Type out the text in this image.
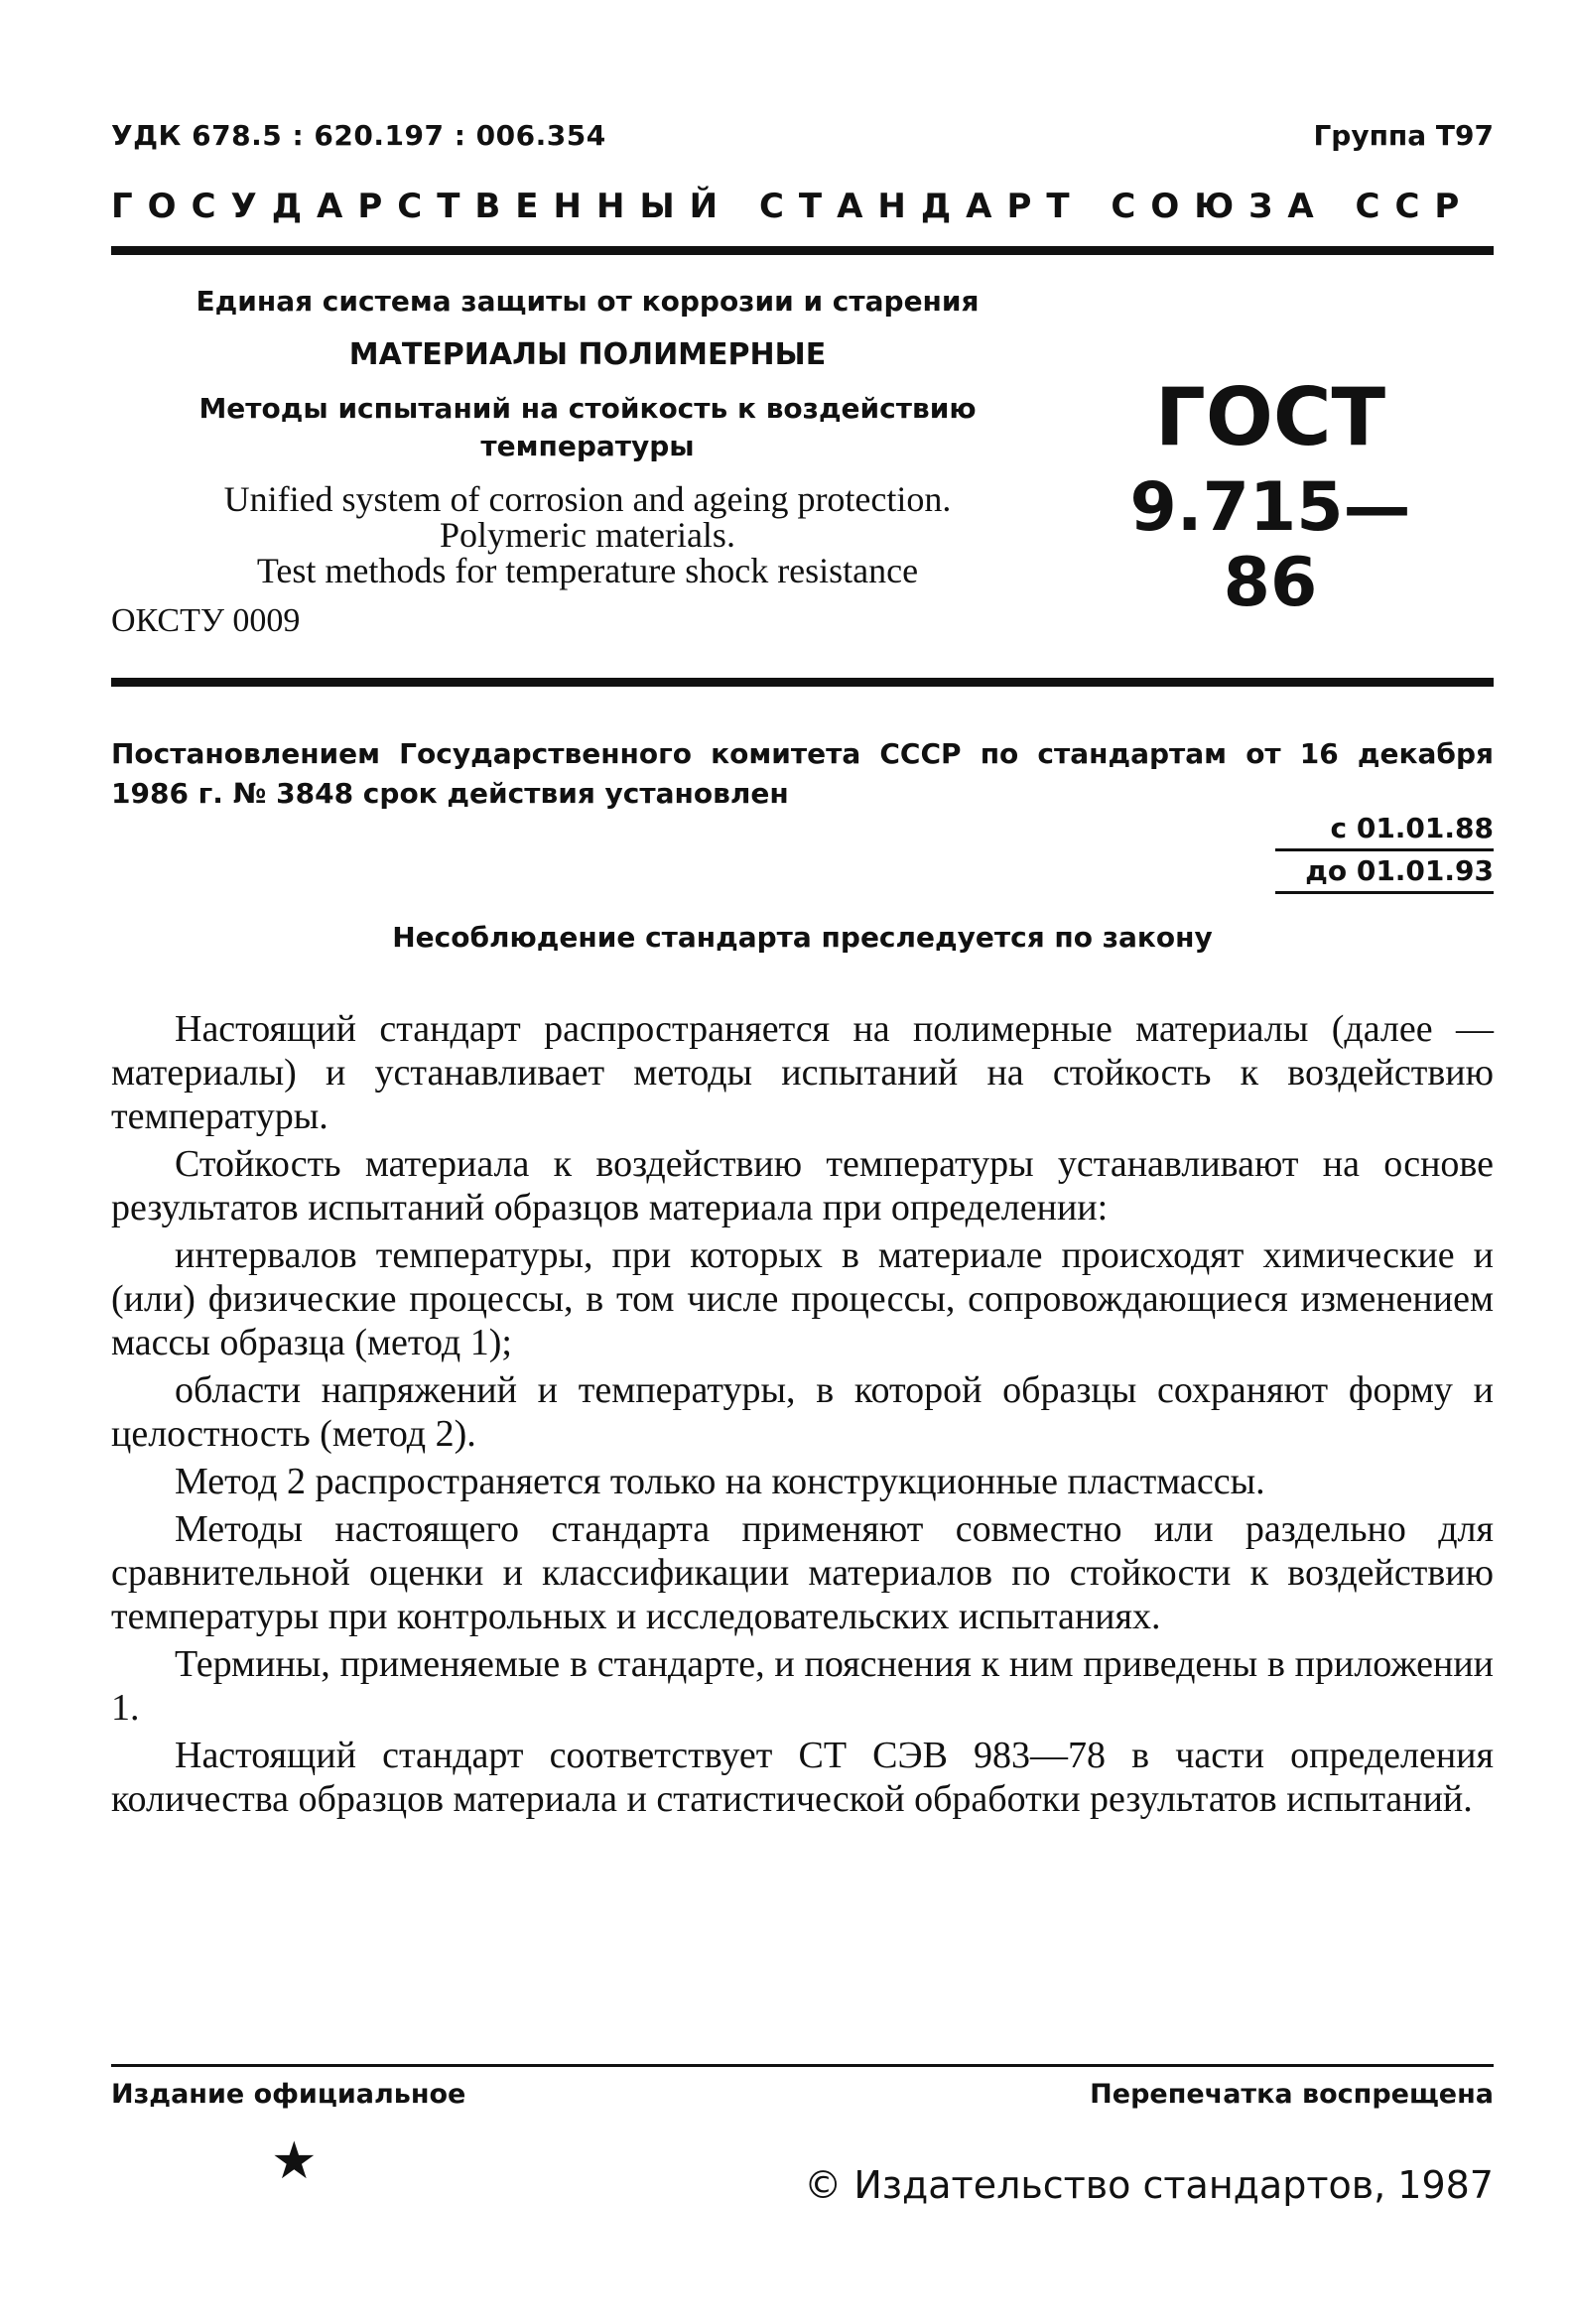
УДК 678.5 : 620.197 : 006.354	Группа Т97
ГОСУДАРСТВЕННЫЙ СТАНДАРТ СОЮЗА ССР
Единая система защиты от коррозии и старения
МАТЕРИАЛЫ ПОЛИМЕРНЫЕ
Методы испытаний на стойкость к воздействию
температуры
Unified system of corrosion and ageing protection.
Polymeric materials.
Test methods for temperature shock resistance
ОКСТУ 0009
ГОСТ
9.715—86
Постановлением Государственного комитета СССР по стандартам от 16 декабря 1986 г. № 3848 срок действия установлен
с 01.01.88
до 01.01.93
Несоблюдение стандарта преследуется по закону

Настоящий стандарт распространяется на полимерные материалы (далее — материалы) и устанавливает методы испытаний на стойкость к воздействию температуры.

Стойкость материала к воздействию температуры устанавливают на основе результатов испытаний образцов материала при определении:

интервалов температуры, при которых в материале происходят химические и (или) физические процессы, в том числе процессы, сопровождающиеся изменением массы образца (метод 1);

области напряжений и температуры, в которой образцы сохраняют форму и целостность (метод 2).

Метод 2 распространяется только на конструкционные пластмассы.

Методы настоящего стандарта применяют совместно или раздельно для сравнительной оценки и классификации материалов по стойкости к воздействию температуры при контрольных и исследовательских испытаниях.

Термины, применяемые в стандарте, и пояснения к ним приведены в приложении 1.

Настоящий стандарт соответствует СТ СЭВ 983—78 в части определения количества образцов материала и статистической обработки результатов испытаний.

Издание официальное	Перепечатка воспрещена
★	© Издательство стандартов, 1987
